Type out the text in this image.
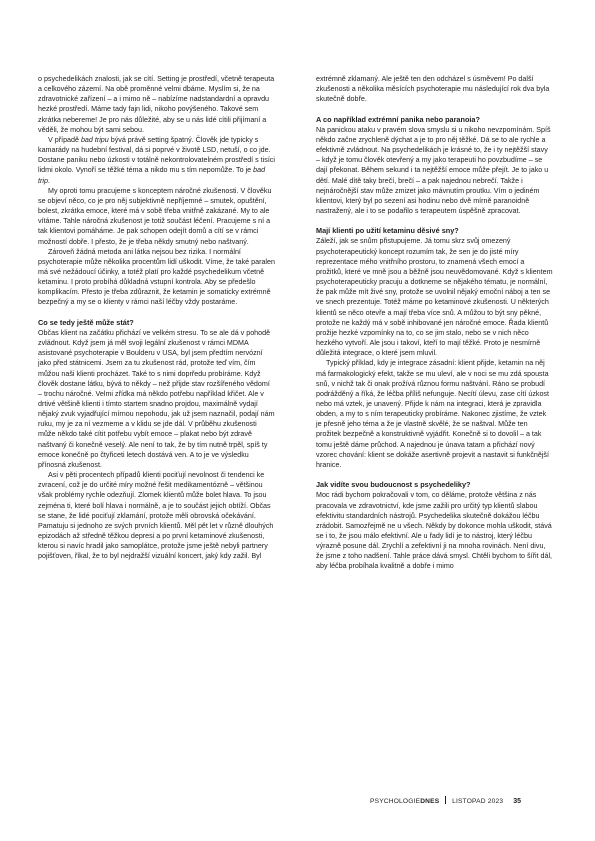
o psychedelikách znalosti, jak se cítí. Setting je prostředí, včetně terapeuta a celkového zázemí. Na obě proměnné velmi dbáme. Myslím si, že na zdravotnické zařízení – a i mimo ně – nabízíme nadstandardní a opravdu hezké prostředí. Máme tady fajn lidi, nikoho povýšeného. Takové sem zkrátka nebereme! Je pro nás důležité, aby se u nás lidé cítili přijímaní a věděli, že mohou být sami sebou.

V případě bad tripu bývá právě setting špatný. Člověk jde typicky s kamarády na hudební festival, dá si poprvé v životě LSD, netuší, o co jde. Dostane paniku nebo úzkosti v totálně nekontrolovatelném prostředí s tisíci lidmi okolo. Vynoří se těžké téma a nikdo mu s tím nepomůže. To je bad trip.

My oproti tomu pracujeme s konceptem náročné zkušenosti. V člověku se objeví něco, co je pro něj subjektivně nepříjemné – smutek, opuštění, bolest, zkrátka emoce, které má v sobě třeba vnitřně zakázané. My to ale vítáme. Tahle náročná zkušenost je totiž součást léčení. Pracujeme s ní a tak klientovi pomáháme. Je pak schopen odejít domů a cítí se v rámci možností dobře. I přesto, že je třeba někdy smutný nebo naštvaný.

Zároveň žádná metoda ani látka nejsou bez rizika. I normální psychoterapie může několika procentům lidí uškodit. Víme, že také paralen má své nežádoucí účinky, a totéž platí pro každé psychedelikum včetně ketaminu. I proto probíhá důkladná vstupní kontrola. Aby se předešlo komplikacím. Přesto je třeba zdůraznit, že ketamin je somaticky extrémně bezpečný a my se o klienty v rámci naší léčby vždy postaráme.

Co se tedy ještě může stát?

Občas klient na začátku přichází ve velkém stresu. To se ale dá v pohodě zvládnout. Když jsem já měl svoji legální zkušenost v rámci MDMA asistované psychoterapie v Boulderu v USA, byl jsem předtím nervózní jako před státnicemi. Jsem za tu zkušenost rád, protože teď vím, čím můžou naši klienti procházet. Také to s nimi doprředu probíráme. Když člověk dostane látku, bývá to někdy – než přijde stav rozšířeného vědomí – trochu náročné. Velmi zřídka má někdo potřebu například křičet. Ale v drtivé většině klienti i tímto startem snadno projdou, maximálně vydají nějaký zvuk vyjadřující mírnou nepohodu, jak už jsem naznačil, podají nám ruku, my je za ní vezmeme a v klidu se jde dál. V průběhu zkušenosti může někdo také cítit potřebu vybít emoce – plakat nebo být zdravě naštvaný či konečně veselý. Ale není to tak, že by tím nutně trpěl, spíš ty emoce konečně po čtyřiceti letech dostává ven. A to je ve výsledku přínosná zkušenost.

Asi v pěti procentech případů klienti pociťují nevolnost či tendenci ke zvracení, což je do určité míry možné řešit medikamentózně – většinou však problémy rychle odezňují. Zlomek klientů může bolet hlava. To jsou zejména ti, které bolí hlava i normálně, a je to součást jejich obtíží. Občas se stane, že lidé pociťují zklamání, protože měli obrovská očekávání. Pamatuju si jednoho ze svých prvních klientů. Měl pět let v různě dlouhých epizodách až středně těžkou depresi a po první ketaminové zkušenosti, kterou si navíc hradil jako samoplátce, protože jsme ještě nebyli partnery pojišťoven, říkal, že to byl nejdražší vizuální koncert, jaký kdy zažil. Byl

extrémně zklamaný. Ale ještě ten den odcházel s úsměvem! Po další zkušenosti a několika měsících psychoterapie mu následující rok dva byla skutečně dobře.

A co například extrémní panika nebo paranoia?

Na panickou ataku v pravém slova smyslu si u nikoho nevzpomínám. Spíš někdo začne zrychleně dýchat a je to pro něj těžké. Dá se to ale rychle a efektivně zvládnout. Na psychedelikách je krásné to, že i ty nejtěžší stavy – když je tomu člověk otevřený a my jako terapeuti ho povzbudíme – se dají překonat. Během sekund i ta nejtěžší emoce může přejít. Je to jako u dětí. Malé dítě taky brečí, brečí – a pak najednou nebrečí. Takže i nejnáročnější stav může zmizet jako mávnutím proutku. Vím o jediném klientovi, který byl po sezení asi hodinu nebo dvě mírně paranoidně nastražený, ale i to se podařilo s terapeutem úspěšně zpracovat.

Mají klienti po užití ketaminu děsivé sny?

Záleží, jak se snům přistupujeme. Já tomu skrz svůj omezený psychoterapeutický koncept rozumím tak, že sen je do jisté míry reprezentace mého vnitřního prostoru, to znamená všech emocí a prožitků, které ve mně jsou a běžně jsou neuvědomované. Když s klientem psychoterapeuticky pracuju a dotkneme se nějakého tématu, je normální, že pak může mít živé sny, protože se uvolnil nějaký emoční náboj a ten se ve snech prezentuje. Totéž máme po ketaminové zkušenosti. U některých klientů se něco otevře a mají třeba více snů. A můžou to být sny pěkné, protože ne každý má v sobě inhibované jen náročné emoce. Řada klientů prožije hezké vzpomínky na to, co se jim stalo, nebo se v nich něco hezkého vytvoří. Ale jsou i takoví, kteří to mají těžké. Proto je nesmírně důležitá integrace, o které jsem mluvil.

Typický příklad, kdy je integrace zásadní: klient přijde, ketamin na něj má farmakologický efekt, takže se mu uleví, ale v noci se mu zdá spousta snů, v nichž tak či onak prožívá různou formu naštvání. Ráno se probudí podrážděný a říká, že léčba příliš nefunguje. Necítí úlevu, zase cítí úzkost nebo má vztek, je unavený. Přijde k nám na integraci, která je zpravidla obden, a my to s ním terapeuticky probíráme. Nakonec zjistíme, že vztek je přesně jeho téma a že je vlastně skvělé, že se naštval. Může ten prožitek bezpečně a konstruktivně vyjádřit. Konečně si to dovolil – a tak tomu ještě dáme průchod. A najednou je únava tatam a přichází nový vzorec chování: klient se dokáže asertivně projevit a nastavit si funkčnější hranice.

Jak vidíte svou budoucnost s psychedeliky?

Moc rádi bychom pokračovali v tom, co děláme, protože většina z nás pracovala ve zdravotnictví, kde jsme zažili pro určitý typ klientů slabou efektivitu standardních nástrojů. Psychedelika skutečně dokážou léčbu zrádobit. Samozřejmě ne u všech. Někdy by dokonce mohla uškodit, stává se i to, že jsou málo efektivní. Ale u řady lidí je to nástroj, který léčbu výrazně posune dál. Zrychlí a zefektivní ji na mnoha rovinách. Není divu, že jsme z toho nadšení. Tahle práce dává smysl. Chtěli bychom to šířit dál, aby léčba probíhala kvalitně a dobře i mimo

PSYCHOLOGIEDNES LISTOPAD 2023 35
